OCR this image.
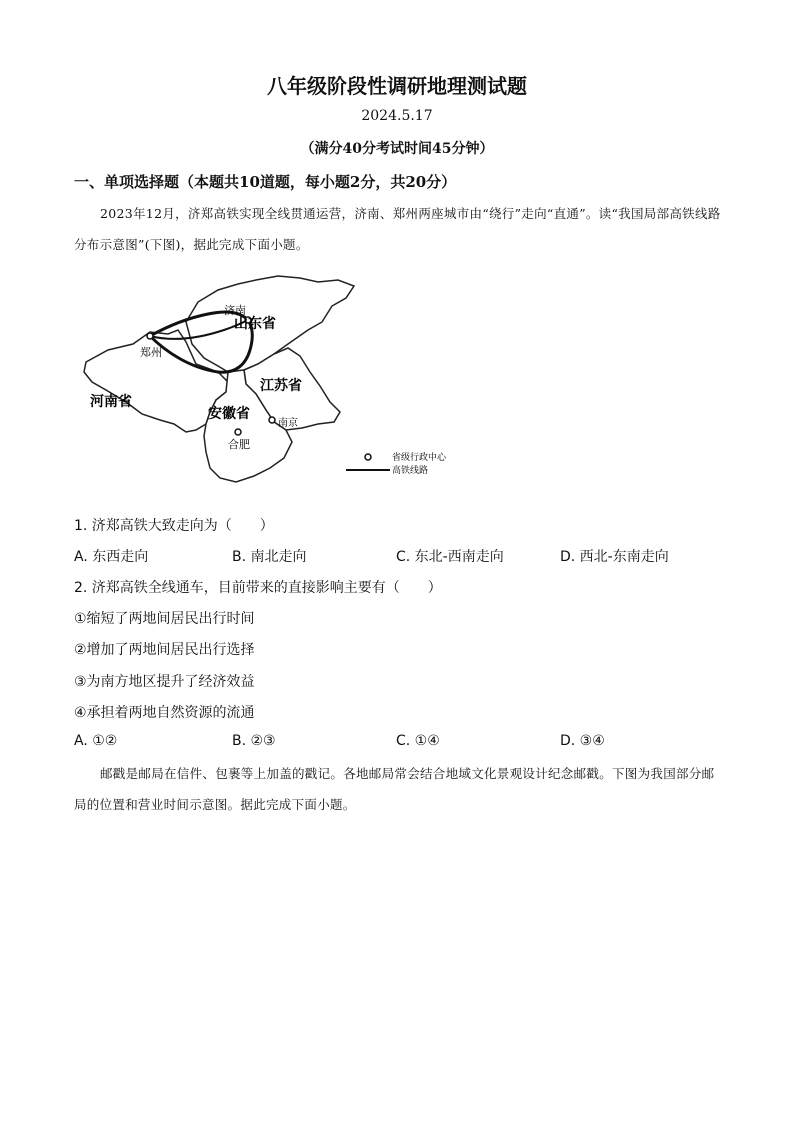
八年级阶段性调研地理测试题
2024.5.17
（满分40分考试时间45分钟）
一、单项选择题（本题共10道题，每小题2分，共20分）
2023年12月，济郑高铁实现全线贯通运营，济南、郑州两座城市由“绕行”走向“直通”。读“我国局部高铁线路分布示意图”(下图)，据此完成下面小题。
济南
山东省
郑州
河南省
江苏省
安徽省
南京
合肥
省级行政中心
高铁线路
1. 济郑高铁大致走向为（　　）
A. 东西走向	B. 南北走向	C. 东北-西南走向	D. 西北-东南走向
2. 济郑高铁全线通车，目前带来的直接影响主要有（　　）
①缩短了两地间居民出行时间
②增加了两地间居民出行选择
③为南方地区提升了经济效益
④承担着两地自然资源的流通
A. ①②	B. ②③	C. ①④	D. ③④
邮戳是邮局在信件、包裹等上加盖的戳记。各地邮局常会结合地域文化景观设计纪念邮戳。下图为我国部分邮局的位置和营业时间示意图。据此完成下面小题。
